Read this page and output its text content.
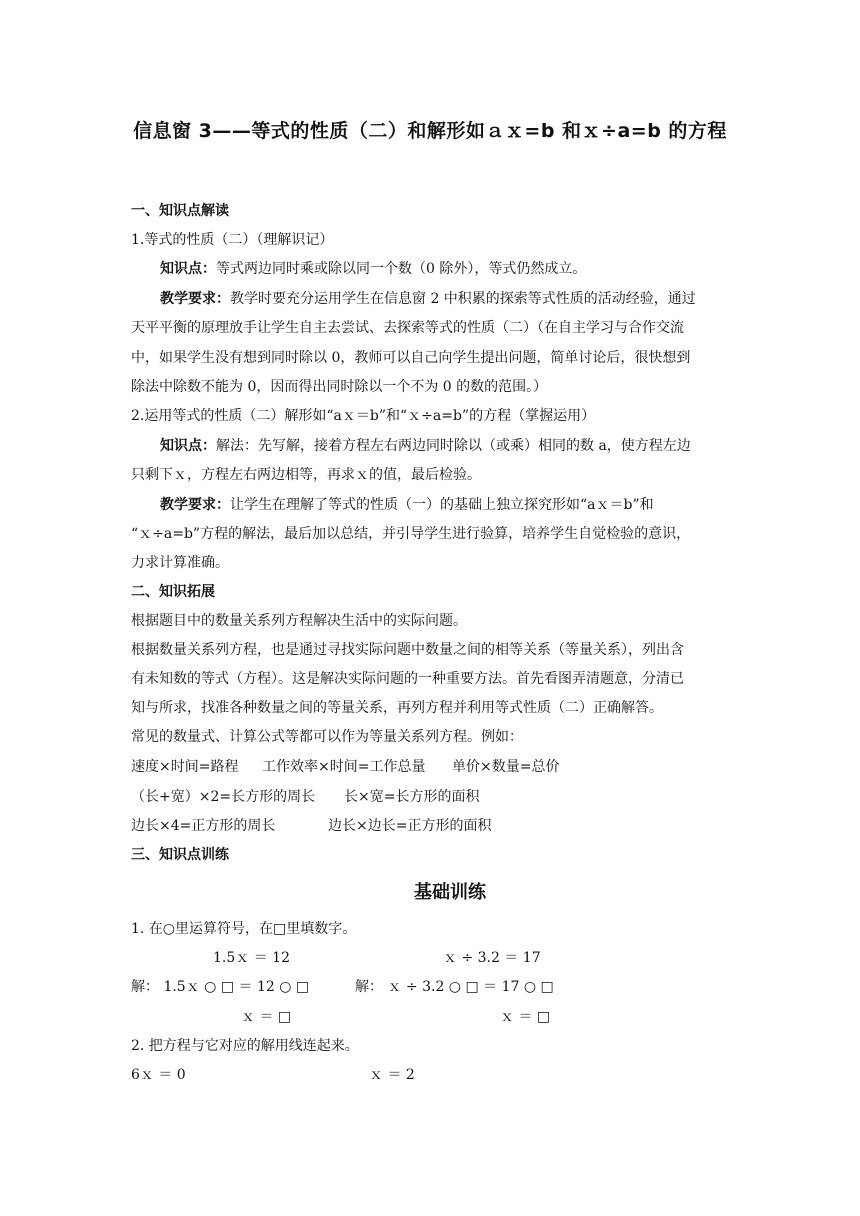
信息窗 3——等式的性质（二）和解形如ａｘ=b 和ｘ÷a=b 的方程
一、知识点解读
1.等式的性质（二）（理解识记）
知识点：等式两边同时乘或除以同一个数（0 除外），等式仍然成立。
教学要求：教学时要充分运用学生在信息窗 2 中积累的探索等式性质的活动经验，通过
天平平衡的原理放手让学生自主去尝试、去探索等式的性质（二）（在自主学习与合作交流
中，如果学生没有想到同时除以 0，教师可以自己向学生提出问题，简单讨论后，很快想到
除法中除数不能为 0，因而得出同时除以一个不为 0 的数的范围。）
2.运用等式的性质（二）解形如“aｘ＝b”和“ｘ÷a=b”的方程（掌握运用）
知识点：解法：先写解，接着方程左右两边同时除以（或乘）相同的数 a，使方程左边
只剩下ｘ，方程左右两边相等，再求ｘ的值，最后检验。
教学要求：让学生在理解了等式的性质（一）的基础上独立探究形如“aｘ＝b”和
“ｘ÷a=b”方程的解法，最后加以总结，并引导学生进行验算，培养学生自觉检验的意识，
力求计算准确。
二、知识拓展
根据题目中的数量关系列方程解决生活中的实际问题。
根据数量关系列方程，也是通过寻找实际问题中数量之间的相等关系（等量关系），列出含
有未知数的等式（方程）。这是解决实际问题的一种重要方法。首先看图弄清题意，分清已
知与所求，找准各种数量之间的等量关系，再列方程并利用等式性质（二）正确解答。
常见的数量式、计算公式等都可以作为等量关系列方程。例如：
速度×时间=路程 工作效率×时间=工作总量 单价×数量=总价
（长+宽）×2=长方形的周长 长×宽=长方形的面积
边长×4=正方形的周长	边长×边长=正方形的面积
三、知识点训练
基础训练
1. 在○里运算符号，在□里填数字。
1.5ｘ ＝ 12	ｘ ÷ 3.2 ＝ 17
解： 1.5ｘ ○ □ ＝ 12 ○ □	解： ｘ ÷ 3.2 ○ □ ＝ 17 ○ □
ｘ ＝ □	ｘ ＝ □
2. 把方程与它对应的解用线连起来。
6ｘ ＝ 0	ｘ ＝ 2
